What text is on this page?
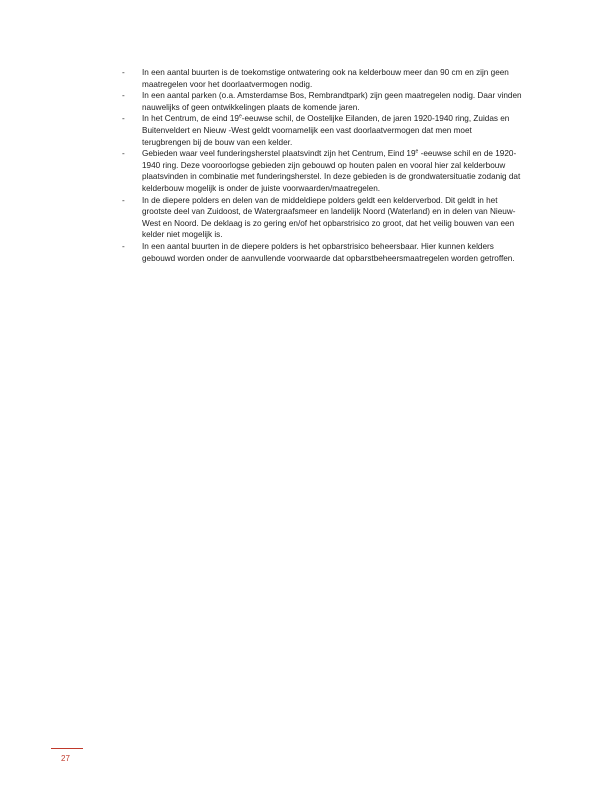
- In een aantal buurten is de toekomstige ontwatering ook na kelderbouw meer dan 90 cm en zijn geen maatregelen voor het doorlaatvermogen nodig.
- In een aantal parken (o.a. Amsterdamse Bos, Rembrandtpark) zijn geen maatregelen nodig. Daar vinden nauwelijks of geen ontwikkelingen plaats de komende jaren.
- In het Centrum, de eind 19e-eeuwse schil, de Oostelijke Eilanden, de jaren 1920-1940 ring, Zuidas en Buitenveldert en Nieuw -West geldt voornamelijk een vast doorlaatvermogen dat men moet terugbrengen bij de bouw van een kelder.
- Gebieden waar veel funderingsherstel plaatsvindt zijn het Centrum, Eind 19e -eeuwse schil en de 1920-1940 ring. Deze vooroorlogse gebieden zijn gebouwd op houten palen en vooral hier zal kelderbouw plaatsvinden in combinatie met funderingsherstel. In deze gebieden is de grondwatersituatie zodanig dat kelderbouw mogelijk is onder de juiste voorwaarden/maatregelen.
- In de diepere polders en delen van de middeldiepe polders geldt een kelderverbod. Dit geldt in het grootste deel van Zuidoost, de Watergraafsmeer en landelijk Noord (Waterland) en in delen van Nieuw-West en Noord. De deklaag is zo gering en/of het opbarstrisico zo groot, dat het veilig bouwen van een kelder niet mogelijk is.
- In een aantal buurten in de diepere polders is het opbarstrisico beheersbaar. Hier kunnen kelders gebouwd worden onder de aanvullende voorwaarde dat opbarstbeheersmaatregelen worden getroffen.
27
